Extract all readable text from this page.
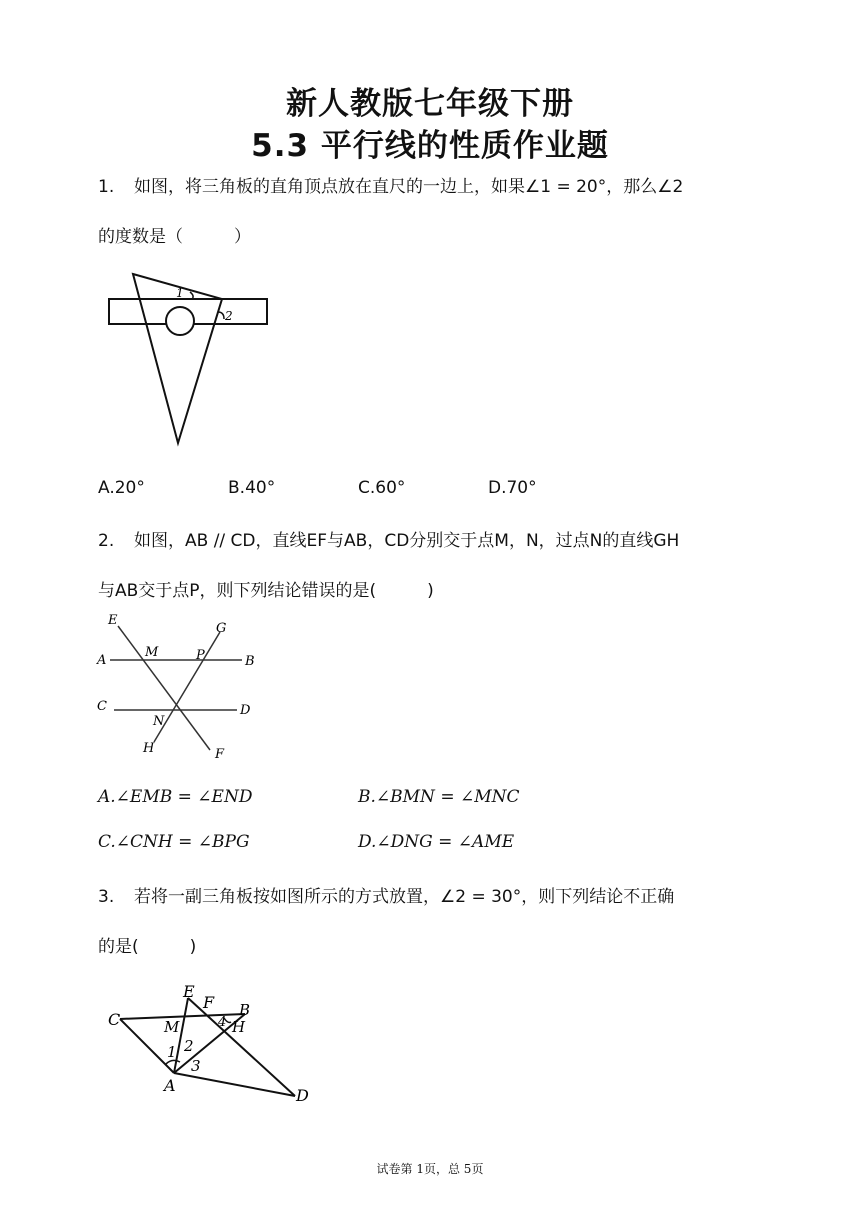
新人教版七年级下册
5.3 平行线的性质作业题
1. 如图，将三角板的直角顶点放在直尺的一边上，如果∠1 = 20°，那么∠2
的度数是（　　　）
1
2
A.20°	B.40°	C.60°	D.70°
2. 如图，AB // CD，直线EF与AB，CD分别交于点M，N，过点N的直线GH
与AB交于点P，则下列结论错误的是(　　　)
E
G
A
M	P	B
C	D
N
H	F
A.∠EMB = ∠END	B.∠BMN = ∠MNC
C.∠CNH = ∠BPG	D.∠DNG = ∠AME
3. 若将一副三角板按如图所示的方式放置，∠2 = 30°，则下列结论不正确
的是(　　　)
C
E
F B
M	4 H
1 2
3
A
D
试卷第 1页，总 5页
